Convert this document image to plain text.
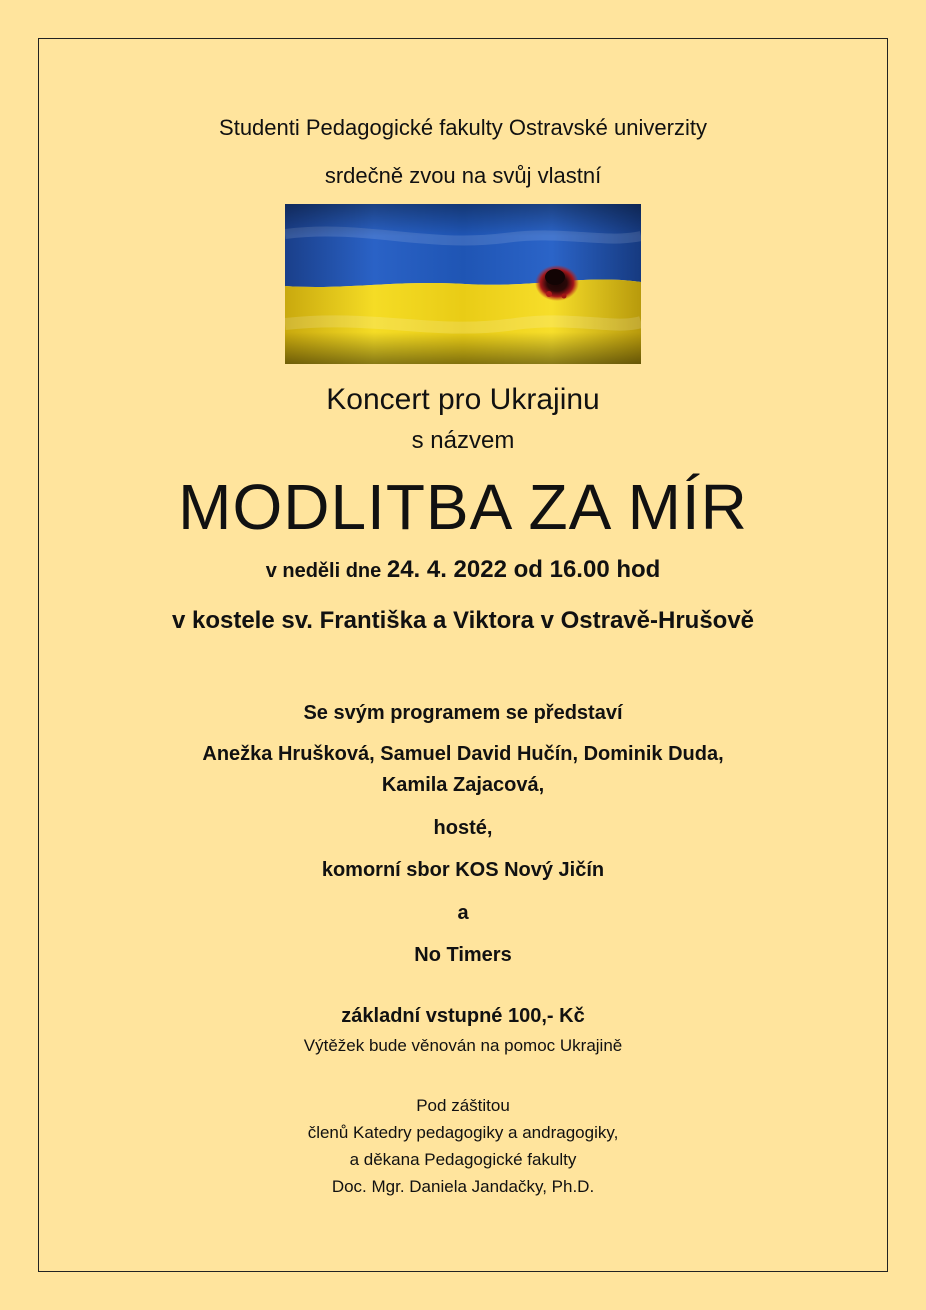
Studenti Pedagogické fakulty Ostravské univerzity
srdečně zvou na svůj vlastní
Koncert pro Ukrajinu
s názvem
MODLITBA ZA MÍR
v neděli dne 24. 4. 2022 od 16.00 hod
v kostele sv. Františka a Viktora v Ostravě-Hrušově
Se svým programem se představí
Anežka Hrušková, Samuel David Hučín, Dominik Duda,
Kamila Zajacová,
hosté,
komorní sbor KOS Nový Jičín
a
No Timers
základní vstupné 100,- Kč
Výtěžek bude věnován na pomoc Ukrajině
Pod záštitou
členů Katedry pedagogiky a andragogiky,
a děkana Pedagogické fakulty
Doc. Mgr. Daniela Jandačky, Ph.D.
